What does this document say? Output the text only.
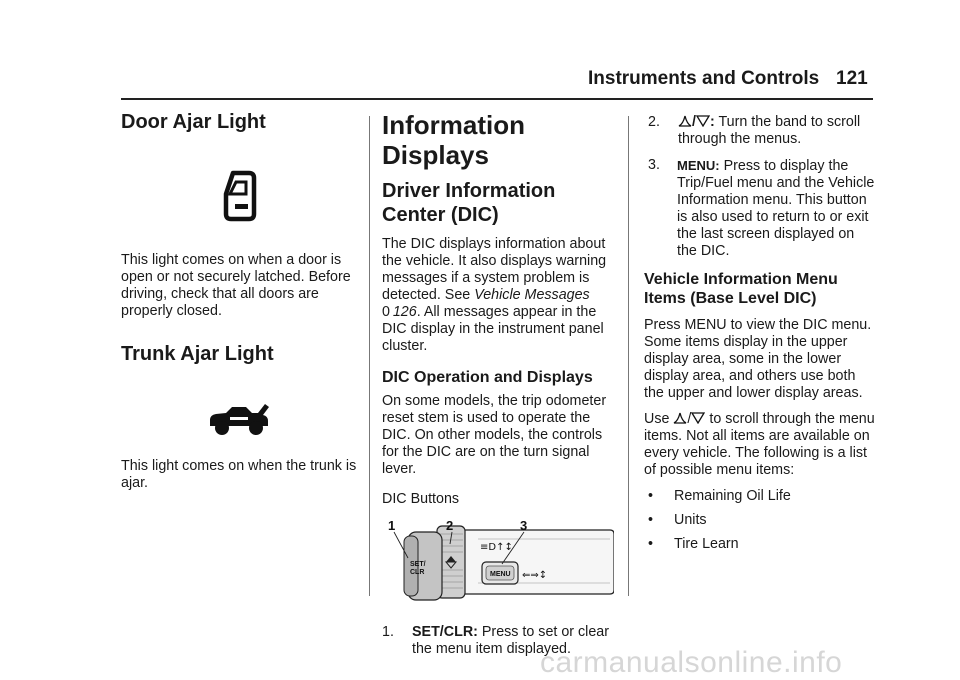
Instruments and Controls 121
Door Ajar Light

This light comes on when a door is open or not securely latched. Before driving, check that all doors are properly closed.

Trunk Ajar Light

This light comes on when the trunk is ajar.

Information Displays
Driver Information Center (DIC)

The DIC displays information about the vehicle. It also displays warning messages if a system problem is detected. See Vehicle Messages
0  126. All messages appear in the DIC display in the instrument panel cluster.

DIC Operation and Displays

On some models, the trip odometer reset stem is used to operate the DIC. On other models, the controls for the DIC are on the turn signal lever.

DIC Buttons

SET/
CLR	MENU
≡D↑↕
⇐⇒↕
1	2	3
1. SET/CLR: Press to set or clear the menu item displayed.
2. / : Turn the band to scroll through the menus.
3. MENU: Press to display the Trip/Fuel menu and the Vehicle Information menu. This button is also used to return to or exit the last screen displayed on the DIC.
Vehicle Information Menu Items (Base Level DIC)

Press MENU to view the DIC menu. Some items display in the upper display area, some in the lower display area, and others use both the upper and lower display areas.

Use / to scroll through the menu items. Not all items are available on every vehicle. The following is a list of possible menu items:

• Remaining Oil Life
• Units
• Tire Learn
carmanualsonline.info
